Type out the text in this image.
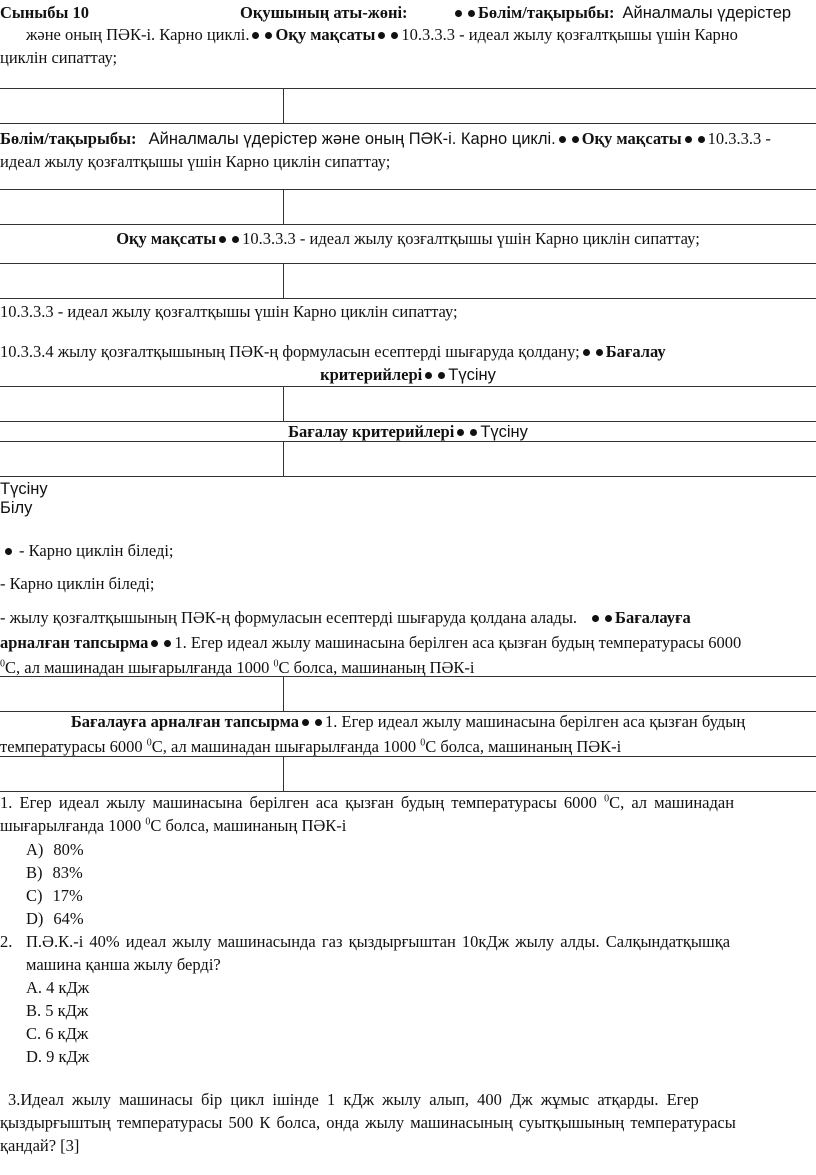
Сыныбы 10	Оқушының аты-жөні:	Бөлім/тақырыбы: Айналмалы үдерістер
және оның ПӘК-і. Карно циклі. Оқу мақсаты 10.3.3.3 - идеал жылу қозғалтқышы үшін Карно
циклін сипаттау;
Бөлім/тақырыбы: Айналмалы үдерістер және оның ПӘК-і. Карно циклі. Оқу мақсаты 10.3.3.3 -
идеал жылу қозғалтқышы үшін Карно циклін сипаттау;
Оқу мақсаты 10.3.3.3 - идеал жылу қозғалтқышы үшін Карно циклін сипаттау;
10.3.3.3 - идеал жылу қозғалтқышы үшін Карно циклін сипаттау;
10.3.3.4 жылу қозғалтқышының ПӘК-ң формуласын есептерді шығаруда қолдану; Бағалау
критерийлері Түсіну
Бағалау критерийлері Түсіну
Түсіну
Білу
- Карно циклін біледі;
- Карно циклін біледі;
- жылу қозғалтқышының ПӘК-ң формуласын есептерді шығаруда қолдана алады. Бағалауға
арналған тапсырма 1. Егер идеал жылу машинасына берілген аса қызған будың температурасы 6000
$^0$С, ал машинадан шығарылғанда 1000 $^0$С болса, машинаның ПӘК-і
Бағалауға арналған тапсырма 1. Егер идеал жылу машинасына берілген аса қызған будың
температурасы 6000 $^0$С, ал машинадан шығарылғанда 1000 $^0$С болса, машинаның ПӘК-і
1. Егер идеал жылу машинасына берілген аса қызған будың температурасы 6000 $^0$С, ал машинадан
шығарылғанда 1000 $^0$С болса, машинаның ПӘК-і
A) 80%
B) 83%
C) 17%
D) 64%
2. П.Ә.К.-і 40% идеал жылу машинасында газ қыздырғыштан 10кДж жылу алды. Салқындатқышқа
машина қанша жылу берді?
A. 4 кДж
B. 5 кДж
C. 6 кДж
D. 9 кДж
3.Идеал жылу машинасы бір цикл ішінде 1 кДж жылу алып, 400 Дж жұмыс атқарды. Егер
қыздырғыштың температурасы 500 К болса, онда жылу машинасының суытқышының температурасы
қандай? [3]
